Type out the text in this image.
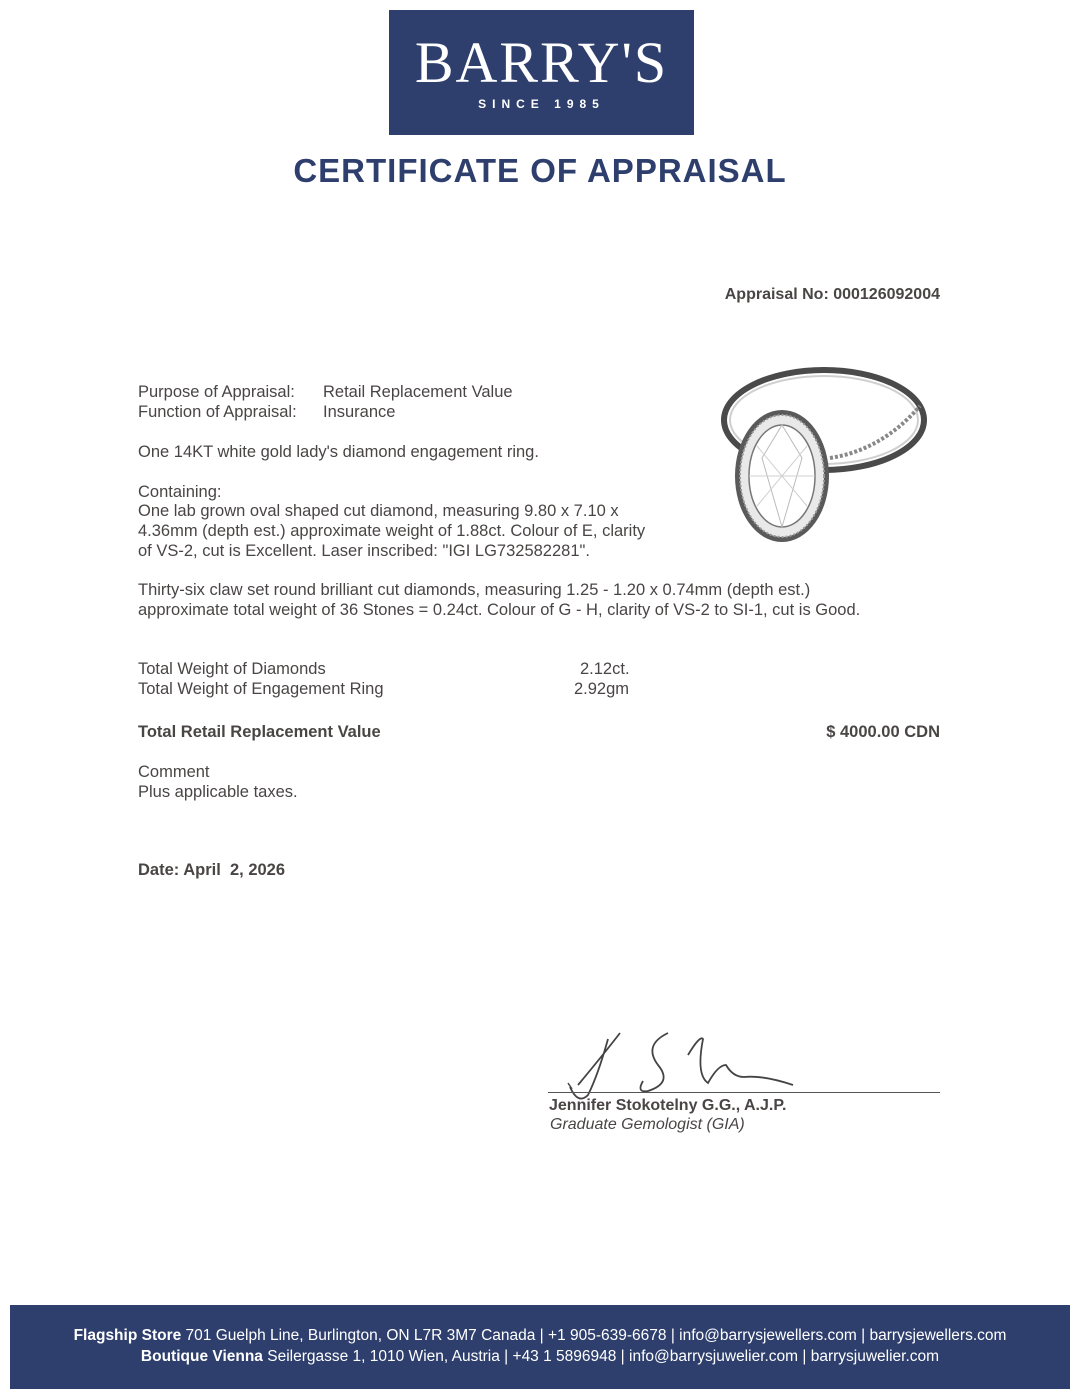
BARRY'S
SINCE 1985
CERTIFICATE OF APPRAISAL
Appraisal No: 000126092004
Purpose of Appraisal: Retail Replacement Value
Function of Appraisal: Insurance
One 14KT white gold lady's diamond engagement ring.
Containing:
One lab grown oval shaped cut diamond, measuring 9.80 x 7.10 x
4.36mm (depth est.) approximate weight of 1.88ct. Colour of E, clarity
of VS-2, cut is Excellent. Laser inscribed: "IGI LG732582281".
Thirty-six claw set round brilliant cut diamonds, measuring 1.25 - 1.20 x 0.74mm (depth est.)
approximate total weight of 36 Stones = 0.24ct. Colour of G - H, clarity of VS-2 to SI-1, cut is Good.
Total Weight of Diamonds	2.12ct.
Total Weight of Engagement Ring	2.92gm
Total Retail Replacement Value	$ 4000.00 CDN
Comment
Plus applicable taxes.
Date: April  2, 2026
Jennifer Stokotelny G.G., A.J.P.
Graduate Gemologist (GIA)
Flagship Store 701 Guelph Line, Burlington, ON L7R 3M7 Canada | +1 905-639-6678 | info@barrysjewellers.com | barrysjewellers.com
Boutique Vienna Seilergasse 1, 1010 Wien, Austria | +43 1 5896948 | info@barrysjuwelier.com | barrysjuwelier.com
